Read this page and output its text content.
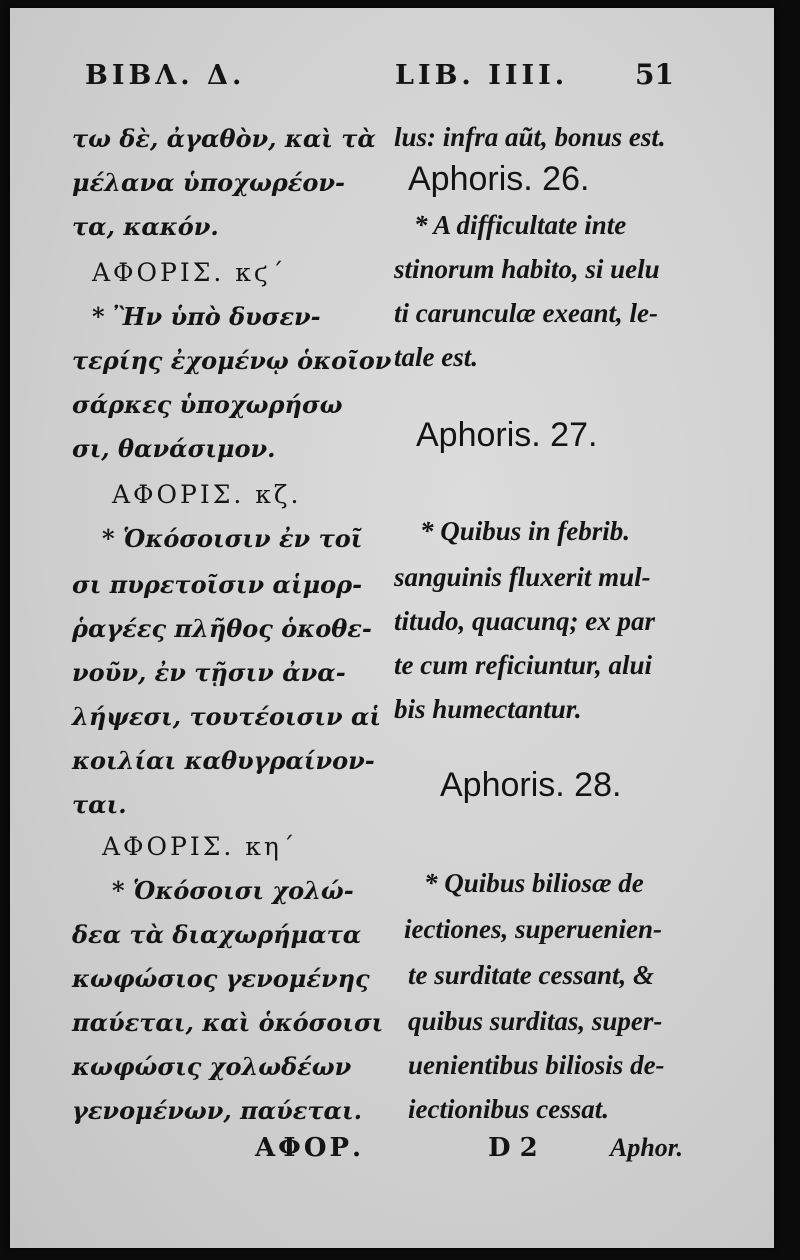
BIBΛ. Δ.	LIB. IIII. 51
τω δὲ, ἀγαθὸν, καὶ τὰ
μέλανα ὑποχωρέον-
τα, κακόν.
ΑΦΟΡΙΣ. κϛ´
* Ἢν ὑπὸ δυσεν-
τερίης ἐχομένῳ ὁκοῖον
σάρκες ὑποχωρήσω
σι, θανάσιμον.
ΑΦΟΡΙΣ. κζ.
* Ὁκόσοισιν ἐν τοῖ
σι πυρετοῖσιν αἱμορ-
ῥαγέες πλῆθος ὁκοθε-
νοῦν, ἐν τῇσιν ἀνα-
λήψεσι, τουτέοισιν αἱ
κοιλίαι καθυγραίνον-
ται.
ΑΦΟΡΙΣ. κη´
* Ὁκόσοισι χολώ-
δεα τὰ διαχωρήματα
κωφώσιος γενομένης
παύεται, καὶ ὁκόσοισι
κωφώσις χολωδέων
γενομένων, παύεται.
lus: infra aũt, bonus est.
Aphoris. 26.
* A difficultate inte
stinorum habito, si uelu
ti carunculæ exeant, le-
tale est.
Aphoris. 27.
* Quibus in febrib.
sanguinis fluxerit mul-
titudo, quacunq; ex par
te cum reficiuntur, alui
bis humectantur.
Aphoris. 28.
* Quibus biliosæ de
iectiones, superuenien-
te surditate cessant, &
quibus surditas, super-
uenientibus biliosis de-
iectionibus cessat.
ΑΦΟΡ.	D 2	Aphor.
